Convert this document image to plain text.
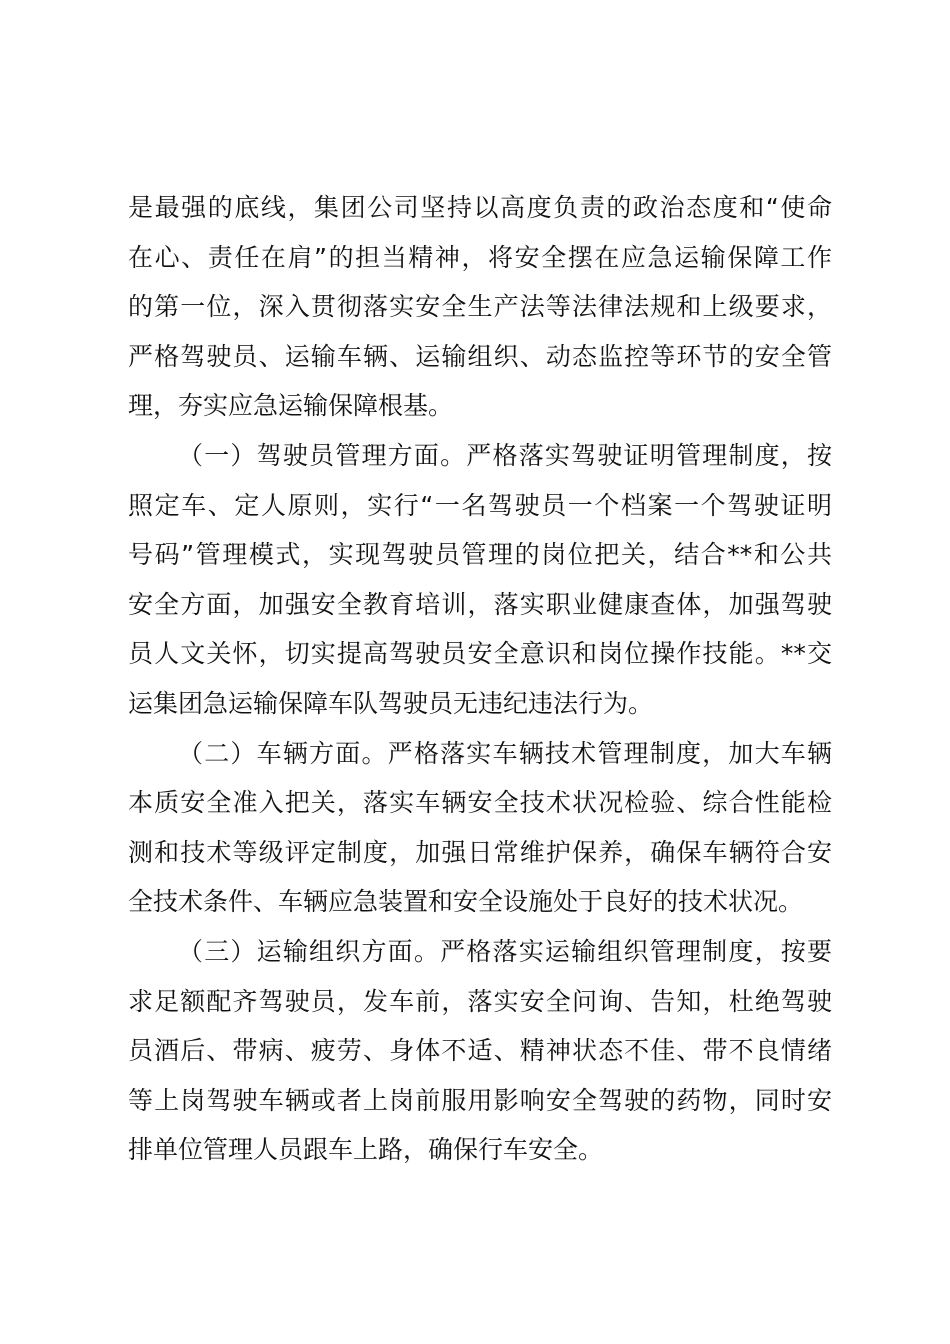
是最强的底线，集团公司坚持以高度负责的政治态度和“使命
在心、责任在肩”的担当精神，将安全摆在应急运输保障工作
的第一位，深入贯彻落实安全生产法等法律法规和上级要求，
严格驾驶员、运输车辆、运输组织、动态监控等环节的安全管
理，夯实应急运输保障根基。
（一）驾驶员管理方面。严格落实驾驶证明管理制度，按
照定车、定人原则，实行“一名驾驶员一个档案一个驾驶证明
号码”管理模式，实现驾驶员管理的岗位把关，结合**和公共
安全方面，加强安全教育培训，落实职业健康查体，加强驾驶
员人文关怀，切实提高驾驶员安全意识和岗位操作技能。**交
运集团急运输保障车队驾驶员无违纪违法行为。
（二）车辆方面。严格落实车辆技术管理制度，加大车辆
本质安全准入把关，落实车辆安全技术状况检验、综合性能检
测和技术等级评定制度，加强日常维护保养，确保车辆符合安
全技术条件、车辆应急装置和安全设施处于良好的技术状况。
（三）运输组织方面。严格落实运输组织管理制度，按要
求足额配齐驾驶员，发车前，落实安全问询、告知，杜绝驾驶
员酒后、带病、疲劳、身体不适、精神状态不佳、带不良情绪
等上岗驾驶车辆或者上岗前服用影响安全驾驶的药物，同时安
排单位管理人员跟车上路，确保行车安全。
